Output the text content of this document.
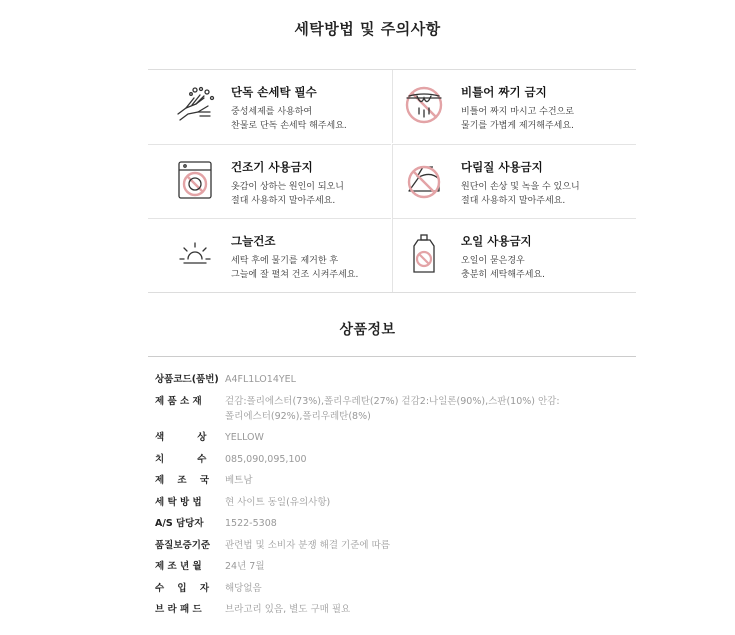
세탁방법 및 주의사항
단독 손세탁 필수
중성세제를 사용하여
찬물로 단독 손세탁 해주세요.
비틀어 짜기 금지
비틀어 짜지 마시고 수건으로
물기를 가볍게 제거해주세요.
건조기 사용금지
옷감이 상하는 원인이 되오니
절대 사용하지 말아주세요.
다림질 사용금지
원단이 손상 및 녹을 수 있으니
절대 사용하지 말아주세요.
그늘건조
세탁 후에 물기를 제거한 후
그늘에 잘 펼쳐 건조 시켜주세요.
오일 사용금지
오일이 묻은경우
충분히 세탁해주세요.
상품정보
상품코드(품번) A4FL1LO14YEL
제 품 소 재	겉감:폴리에스터(73%),폴리우레탄(27%) 겉감2:나일론(90%),스판(10%) 안감:폴리에스터(92%),폴리우레탄(8%)
색          상	YELLOW
치          수	085,090,095,100
제    조    국	베트남
세 탁 방 법	현 사이트 동일(유의사항)
A/S 담당자	1522-5308
품질보증기준	관련법 및 소비자 분쟁 해결 기준에 따름
제 조 년 월	24년 7월
수    입    자	해당없음
브 라 패 드	브라고리 있음, 별도 구매 필요
